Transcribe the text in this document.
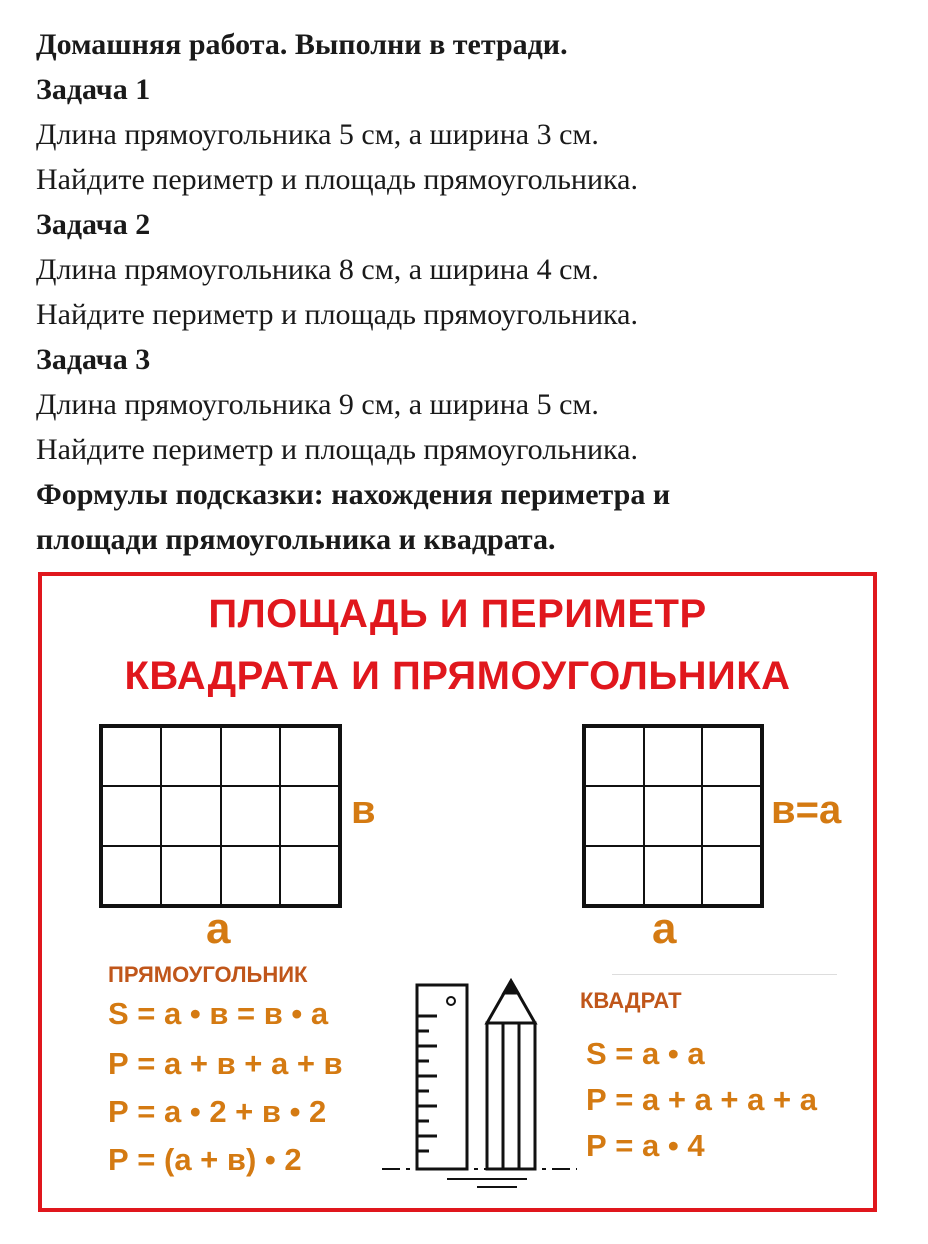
Домашняя работа. Выполни в тетради.

Задача 1

Длина прямоугольника 5 см, а ширина 3 см.

Найдите периметр и площадь прямоугольника.

Задача 2

Длина прямоугольника 8 см, а ширина 4 см.

Найдите периметр и площадь прямоугольника.

Задача 3

Длина прямоугольника 9 см, а ширина 5 см.

Найдите периметр и площадь прямоугольника.

Формулы подсказки: нахождения периметра и

площади прямоугольника и квадрата.

ПЛОЩАДЬ И ПЕРИМЕТР
КВАДРАТА И ПРЯМОУГОЛЬНИКА
в
а
в=а
а
ПРЯМОУГОЛЬНИК
S = а • в = в • а
Р = а + в + а + в
Р = а • 2 + в • 2
Р = (а + в) • 2
КВАДРАТ
S = а • а
Р = а + а + а + а
Р = а • 4
